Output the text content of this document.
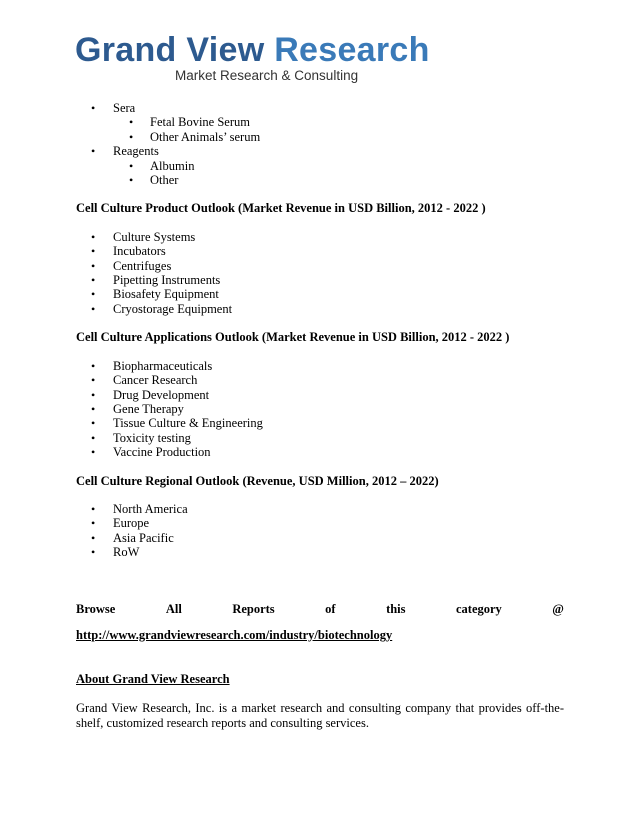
Grand View Research
Market Research & Consulting
• Sera
• Fetal Bovine Serum
• Other Animals’ serum
• Reagents
• Albumin
• Other
Cell Culture Product Outlook (Market Revenue in USD Billion, 2012 - 2022 )
• Culture Systems
• Incubators
• Centrifuges
• Pipetting Instruments
• Biosafety Equipment
• Cryostorage Equipment
Cell Culture Applications Outlook (Market Revenue in USD Billion, 2012 - 2022 )
• Biopharmaceuticals
• Cancer Research
• Drug Development
• Gene Therapy
• Tissue Culture & Engineering
• Toxicity testing
• Vaccine Production
Cell Culture Regional Outlook (Revenue, USD Million, 2012 – 2022)
• North America
• Europe
• Asia Pacific
• RoW
Browse	All	Reports	of	this	category	@
http://www.grandviewresearch.com/industry/biotechnology
About Grand View Research
Grand View Research, Inc. is a market research and consulting company that provides off-the-shelf, customized research reports and consulting services.
